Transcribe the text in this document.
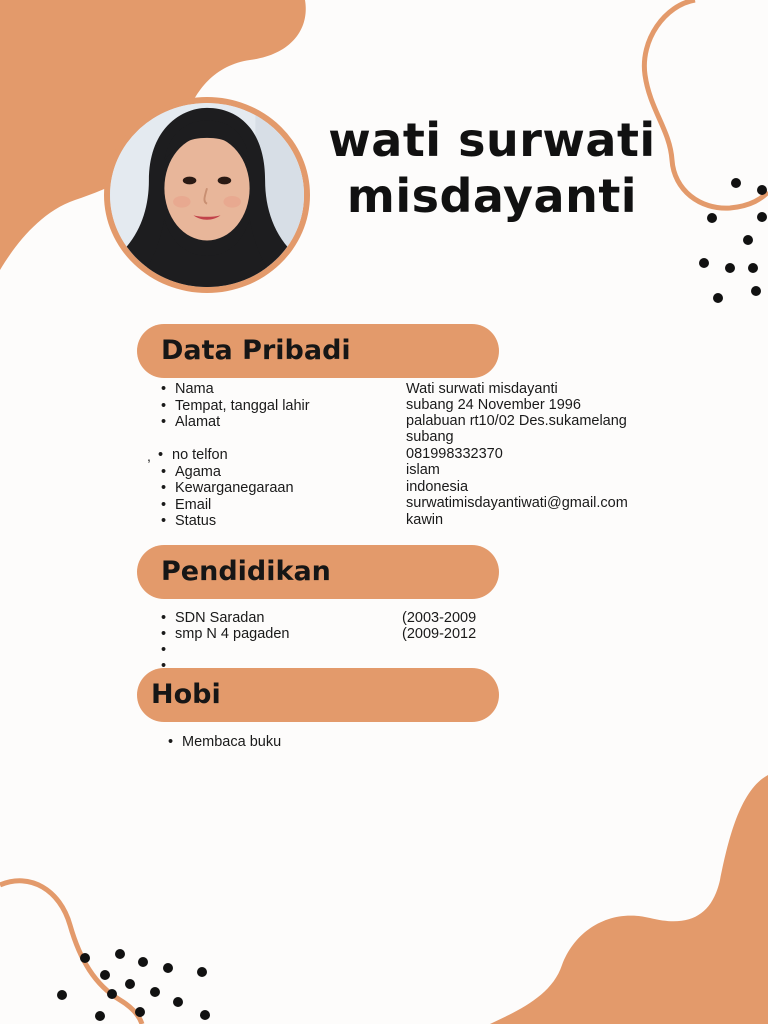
wati surwati misdayanti
Data Pribadi
• Nama	Wati surwati misdayanti
• Tempat, tanggal lahir	subang 24 November 1996
• Alamat	palabuan rt10/02 Des.sukamelang
subang
,
• no telfon	081998332370
• Agama	islam
• Kewarganegaraan	indonesia
• Email	surwatimisdayantiwati@gmail.com
• Status	kawin
Pendidikan
• SDN Saradan	(2003-2009
• smp N 4 pagaden	(2009-2012
Hobi
• Membaca buku
